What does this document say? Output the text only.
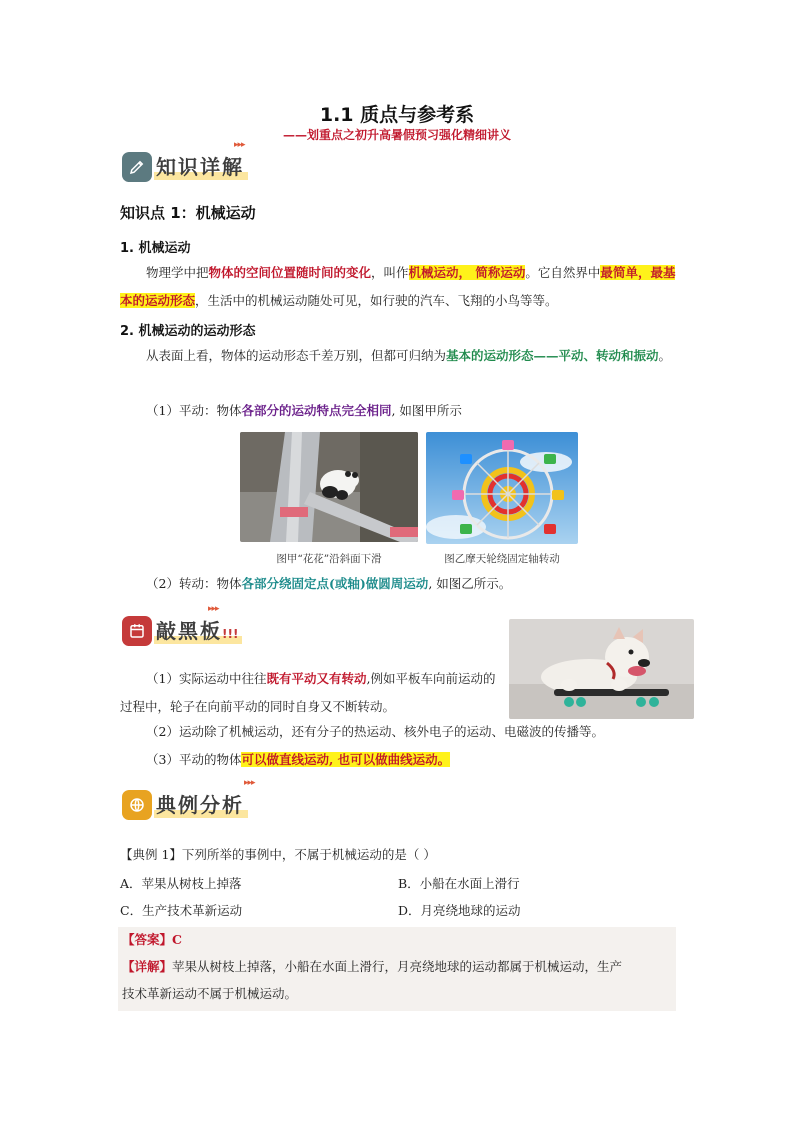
1.1 质点与参考系
——划重点之初升高暑假预习强化精细讲义
▸▸▸
知识详解
知识点 1：机械运动
1. 机械运动
物理学中把物体的空间位置随时间的变化，叫作机械运动， 简称运动。它自然界中最简单，最基本的运动形态，生活中的机械运动随处可见，如行驶的汽车、飞翔的小鸟等等。
2. 机械运动的运动形态
从表面上看，物体的运动形态千差万别，但都可归纳为基本的运动形态——平动、转动和振动。
（1）平动：物体各部分的运动特点完全相同, 如图甲所示
图甲“花花”沿斜面下滑	图乙摩天轮绕固定轴转动
（2）转动：物体各部分绕固定点(或轴)做圆周运动, 如图乙所示。
▸▸▸
敲黑板!!!
（1）实际运动中往往既有平动又有转动,例如平板车向前运动的过程中，轮子在向前平动的同时自身又不断转动。
（2）运动除了机械运动，还有分子的热运动、核外电子的运动、电磁波的传播等。
（3）平动的物体可以做直线运动, 也可以做曲线运动。
▸▸▸
典例分析
【典例 1】下列所举的事例中，不属于机械运动的是（ ）
A．苹果从树枝上掉落	B．小船在水面上滑行
C．生产技术革新运动	D．月亮绕地球的运动
【答案】C
【详解】苹果从树枝上掉落，小船在水面上滑行，月亮绕地球的运动都属于机械运动，生产
技术革新运动不属于机械运动。
